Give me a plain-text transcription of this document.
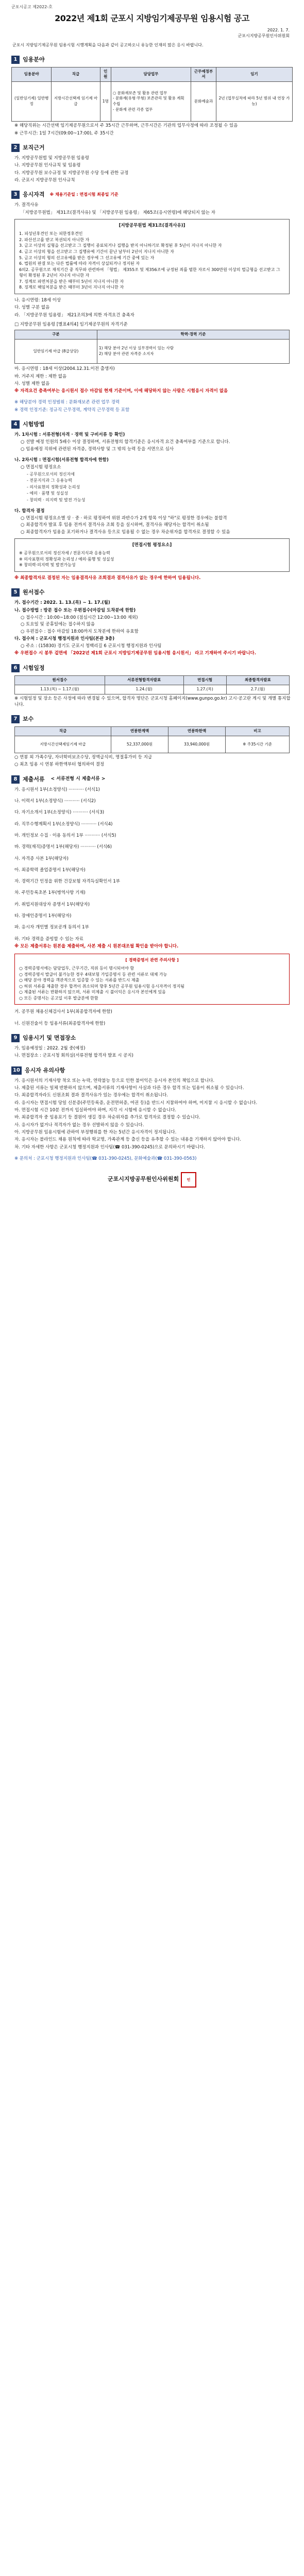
군포시공고 제2022-호
2022년 제1회 군포시 지방임기제공무원 임용시험 공고
2022. 1. 7.
군포시지방공무원인사위원회
군포시 지방임기제공무원 임용시험 시행계획을 다음과 같이 공고하오니 유능한 인재의 많은 응시 바랍니다.
1 임용분야
임용분야	직급	인원	담당업무	근무예정부서	임기
(일반임기제) 일반행정	지방시간선택제 임기제 마급	1명	○ 문화재보존 및 활용 관련 업무
- 문화재(유형·무형) 보존관리 및 활용 계획 수립
- 문화재 관련 각종 업무	문화예술과	2년 (업무실적에 따라 5년 범위 내 연장 가능)
※ 해당직위는 시간선택 임기제공무원으로서 주 35시간 근무하며, 근무시간은 기관의 업무사정에 따라 조정될 수 있음
※ 근무시간: 1일 7시간(09:00~17:00), 주 35시간
2 보직근거
가. 지방공무원법 및 지방공무원 임용령
나. 지방공무원 인사규칙 및 임용령
다. 지방공무원 보수규정 및 지방공무원 수당 등에 관한 규정
라. 군포시 지방공무원 인사규칙
3 응시자격 ※ 채용기준일 : 면접시험 최종일 기준
가. 결격사유
「지방공무원법」 제31조(결격사유) 및 「지방공무원 임용령」 제65조(응시연령)에 해당되지 않는 자
[지방공무원법 제31조(결격사유)]
1. 피성년후견인 또는 피한정후견인
2. 파산선고를 받고 복권되지 아니한 자
3. 금고 이상의 실형을 선고받고 그 집행이 종료되거나 집행을 받지 아니하기로 확정된 후 5년이 지나지 아니한 자
4. 금고 이상의 형을 선고받고 그 집행유예 기간이 끝난 날부터 2년이 지나지 아니한 자
5. 금고 이상의 형의 선고유예를 받은 경우에 그 선고유예 기간 중에 있는 자
6. 법원의 판결 또는 다른 법률에 따라 자격이 상실되거나 정지된 자
6의2. 공무원으로 재직기간 중 직무와 관련하여 「형법」 제355조 및 제356조에 규정된 죄를 범한 자로서 300만원 이상의 벌금형을 선고받고 그 형이 확정된 후 2년이 지나지 아니한 자
7. 징계로 파면처분을 받은 때부터 5년이 지나지 아니한 자
8. 징계로 해임처분을 받은 때부터 3년이 지나지 아니한 자
나. 응시연령: 18세 이상
다. 성별 구분 없음
라. 「지방공무원 임용령」 제21조의3에 의한 자격요건 충족자
□ 지방공무원 임용령 [별표4의4] 임기제공무원의 자격기준
구분	학력·경력 기준
일반임기제 마급 (8급상당)	1) 해당 분야 2년 이상 실무경력이 있는 사람
2) 해당 분야 관련 자격증 소지자
마. 응시연령 : 18세 이상(2004.12.31.이전 출생자)
바. 거주지 제한 : 제한 없음
사. 성별 제한 없음
※ 자격요건 충족여부는 응시원서 접수 마감일 현재 기준이며, 이에 해당하지 않는 사람은 시험응시 자격이 없음
※ 해당분야 경력 인정범위 : 문화재보존 관련 업무 경력
※ 경력 인정기준: 정규직 근무경력, 계약직 근무경력 등 포함
4 시험방법
가. 1차시험 : 서류전형(자격 · 경력 및 구비서류 등 확인)
○ 선발 예정 인원의 5배수 이상 결정하며, 서류전형의 합격기준은 응시자격 요건 충족여부를 기준으로 합니다.
○ 임용예정 직위에 관련된 자격증, 경력사항 및 그 밖의 능력 등을 서면으로 심사
나. 2차시험 : 면접시험(서류전형 합격자에 한함)
○ 면접시험 평정요소
- 공무원으로서의 정신자세
- 전문지식과 그 응용능력
- 의사표현의 정확성과 논리성
- 예의 · 품행 및 성실성
- 창의력 · 의지력 및 발전 가능성
다. 합격자 결정
○ 면접시험 평정요소별 상 · 중 · 하로 평정하여 위원 과반수가 2개 항목 이상 "하"로 평정한 경우에는 불합격
○ 최종합격자 발표 후 임용 전까지 결격사유 조회 등을 실시하며, 결격사유 해당자는 합격이 취소됨
○ 최종합격자가 임용을 포기하거나 결격사유 등으로 임용될 수 없는 경우 차순위자를 합격자로 결정할 수 있음
[면접시험 평정요소]
※ 공무원으로서의 정신자세 / 전문지식과 응용능력
※ 의사표현의 정확성과 논리성 / 예의·품행 및 성실성
※ 창의력·의지력 및 발전가능성
※ 최종합격자로 결정된 자는 임용결격사유 조회결과 결격사유가 없는 경우에 한하여 임용됩니다.
5 원서접수
가. 접수기간 : 2022. 1. 13.(목) ~ 1. 17.(월)
나. 접수방법 : 방문 접수 또는 우편접수(마감일 도착분에 한함)
○ 접수시간 : 10:00~18:00 (점심시간 12:00~13:00 제외)
○ 토요일 및 공휴일에는 접수하지 않음
○ 우편접수 : 접수 마감일 18:00까지 도착분에 한하여 유효함
다. 접수처 : 군포시청 행정지원과 인사팀(본관 3층)
○ 주소 : (15830) 경기도 군포시 청백리길 6 군포시청 행정지원과 인사팀
※ 우편접수 시 봉투 겉면에 「2022년 제1회 군포시 지방임기제공무원 임용시험 응시원서」 라고 기재하여 주시기 바랍니다.
6 시험일정
원서접수	서류전형합격자발표	면접시험	최종합격자발표
1.13.(목) ~ 1.17.(월)	1.24.(월)	1.27.(목)	2.7.(월)
※ 시험일정 및 장소 등은 사정에 따라 변경될 수 있으며, 합격자 명단은 군포시청 홈페이지(www.gunpo.go.kr) 고시·공고란 게시 및 개별 통지합니다.
7 보수
직급	연봉한계액	연봉하한액	비고
지방시간선택제임기제 마급	52,337,000원	33,940,000원	※ 주35시간 기준
○ 연봉 외 가족수당, 자녀학비보조수당, 정액급식비, 명절휴가비 등 지급
○ 최초 임용 시 연봉 하한액부터 협의하여 결정
8 제출서류 < 서류전형 시 제출서류 >
가. 응시원서 1부(소정양식) ··········· (서식1)
나. 이력서 1부(소정양식) ··········· (서식2)
다. 자기소개서 1부(소정양식) ··········· (서식3)
라. 직무수행계획서 1부(소정양식) ··········· (서식4)
마. 개인정보 수집 · 이용 동의서 1부 ··········· (서식5)
바. 경력(재직)증명서 1부(해당자) ··········· (서식6)
사. 자격증 사본 1부(해당자)
아. 최종학력 졸업증명서 1부(해당자)
자. 경력기간 인정을 위한 건강보험 자격득실확인서 1부
차. 주민등록초본 1부(병역사항 기재)
카. 취업지원대상자 증명서 1부(해당자)
타. 장애인증명서 1부(해당자)
파. 응시자 개인별 정보공개 동의서 1부
하. 기타 경력을 증빙할 수 있는 자료
※ 모든 제출서류는 원본을 제출하며, 사본 제출 시 원본대조필 확인을 받아야 합니다.
[ 경력증명서 관련 주의사항 ]
○ 경력증명서에는 담당업무, 근무기간, 직위 등이 명시되어야 함
○ 경력증명서 발급이 불가능한 경우 4대보험 가입증명서 등 관련 서류로 대체 가능
○ 해당 분야 경력을 객관적으로 입증할 수 있는 서류를 반드시 제출
○ 허위 서류를 제출한 경우 합격이 취소되며 향후 5년간 공무원 임용시험 응시자격이 정지됨
○ 제출된 서류는 반환하지 않으며, 서류 미제출 시 불이익은 응시자 본인에게 있음
○ 모든 증명서는 공고일 이후 발급분에 한함
거. 공무원 채용신체검사서 1부(최종합격자에 한함)
너. 신원진술서 등 임용서류(최종합격자에 한함)
9 임용시기 및 면접장소
가. 임용예정일 : 2022. 2월 중(예정)
나. 면접장소 : 군포시청 회의실(서류전형 합격자 발표 시 공지)
10 응시자 유의사항
가. 응시원서의 기재사항 착오 또는 누락, 연락불능 등으로 인한 불이익은 응시자 본인의 책임으로 합니다.
나. 제출된 서류는 일체 반환하지 않으며, 제출서류의 기재사항이 사실과 다른 경우 합격 또는 임용이 취소될 수 있습니다.
다. 최종합격자라도 신원조회 결과 결격사유가 있는 경우에는 합격이 취소됩니다.
라. 응시자는 면접시험 당일 신분증(주민등록증, 운전면허증, 여권 등)을 반드시 지참하여야 하며, 미지참 시 응시할 수 없습니다.
마. 면접시험 시간 10분 전까지 입실하여야 하며, 지각 시 시험에 응시할 수 없습니다.
바. 최종합격자 중 임용포기 등 결원이 생길 경우 차순위자를 추가로 합격자로 결정할 수 있습니다.
사. 응시자가 없거나 적격자가 없는 경우 선발하지 않을 수 있습니다.
아. 지방공무원 임용시험에 관하여 부정행위를 한 자는 5년간 응시자격이 정지됩니다.
자. 응시자는 블라인드 채용 원칙에 따라 학교명, 가족관계 등 출신 등을 유추할 수 있는 내용을 기재하지 않아야 합니다.
차. 기타 자세한 사항은 군포시청 행정지원과 인사팀(☎ 031-390-0245)으로 문의하시기 바랍니다.
※ 문의처 : 군포시청 행정지원과 인사팀(☎ 031-390-0245), 문화예술과(☎ 031-390-0563)
군포시지방공무원인사위원회 인
